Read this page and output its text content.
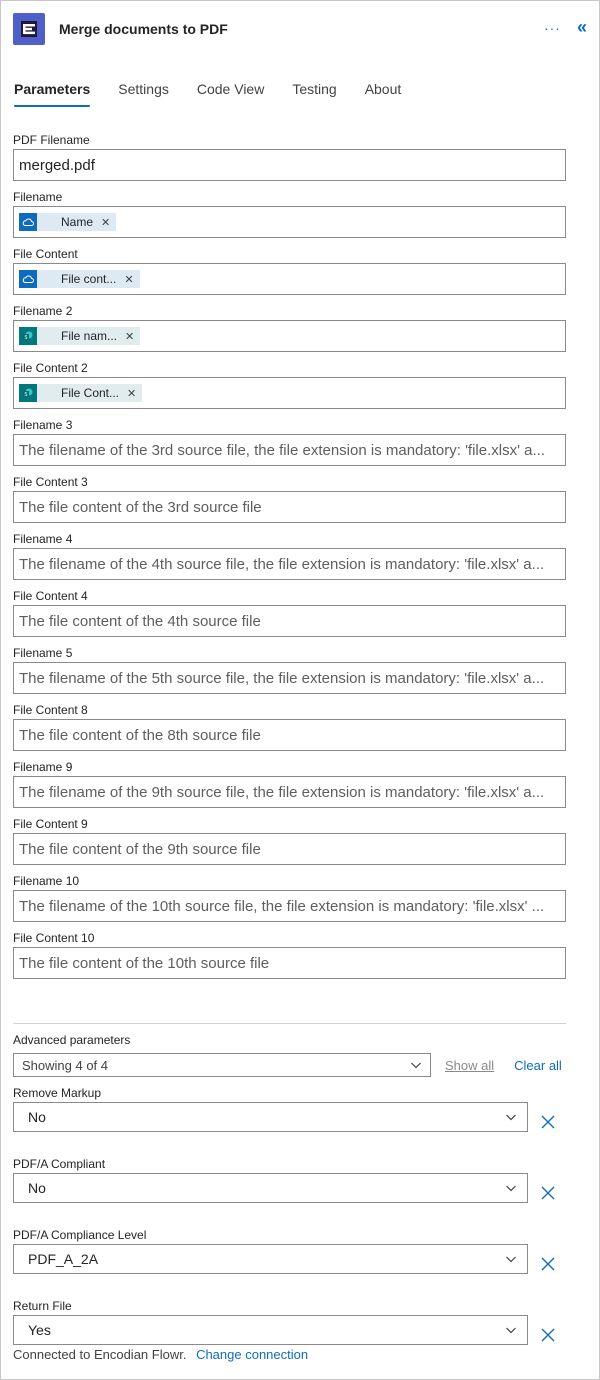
Merge documents to PDF	··· «
Parameters Settings Code View Testing About
PDF Filename
merged.pdf
Filename
Name ✕
File Content
File cont... ✕
Filename 2
S	File nam... ✕
File Content 2
S	File Cont... ✕
Filename 3
The filename of the 3rd source file, the file extension is mandatory: 'file.xlsx' a...
File Content 3
The file content of the 3rd source file
Filename 4
The filename of the 4th source file, the file extension is mandatory: 'file.xlsx' a...
File Content 4
The file content of the 4th source file
Filename 5
The filename of the 5th source file, the file extension is mandatory: 'file.xlsx' a...
File Content 8
The file content of the 8th source file
Filename 9
The filename of the 9th source file, the file extension is mandatory: 'file.xlsx' a...
File Content 9
The file content of the 9th source file
Filename 10
The filename of the 10th source file, the file extension is mandatory: 'file.xlsx' ...
File Content 10
The file content of the 10th source file
Advanced parameters
Showing 4 of 4	Show all Clear all
Remove Markup
No
PDF/A Compliant
No
PDF/A Compliance Level
PDF_A_2A
Return File
Yes
Connected to Encodian Flowr. Change connection
